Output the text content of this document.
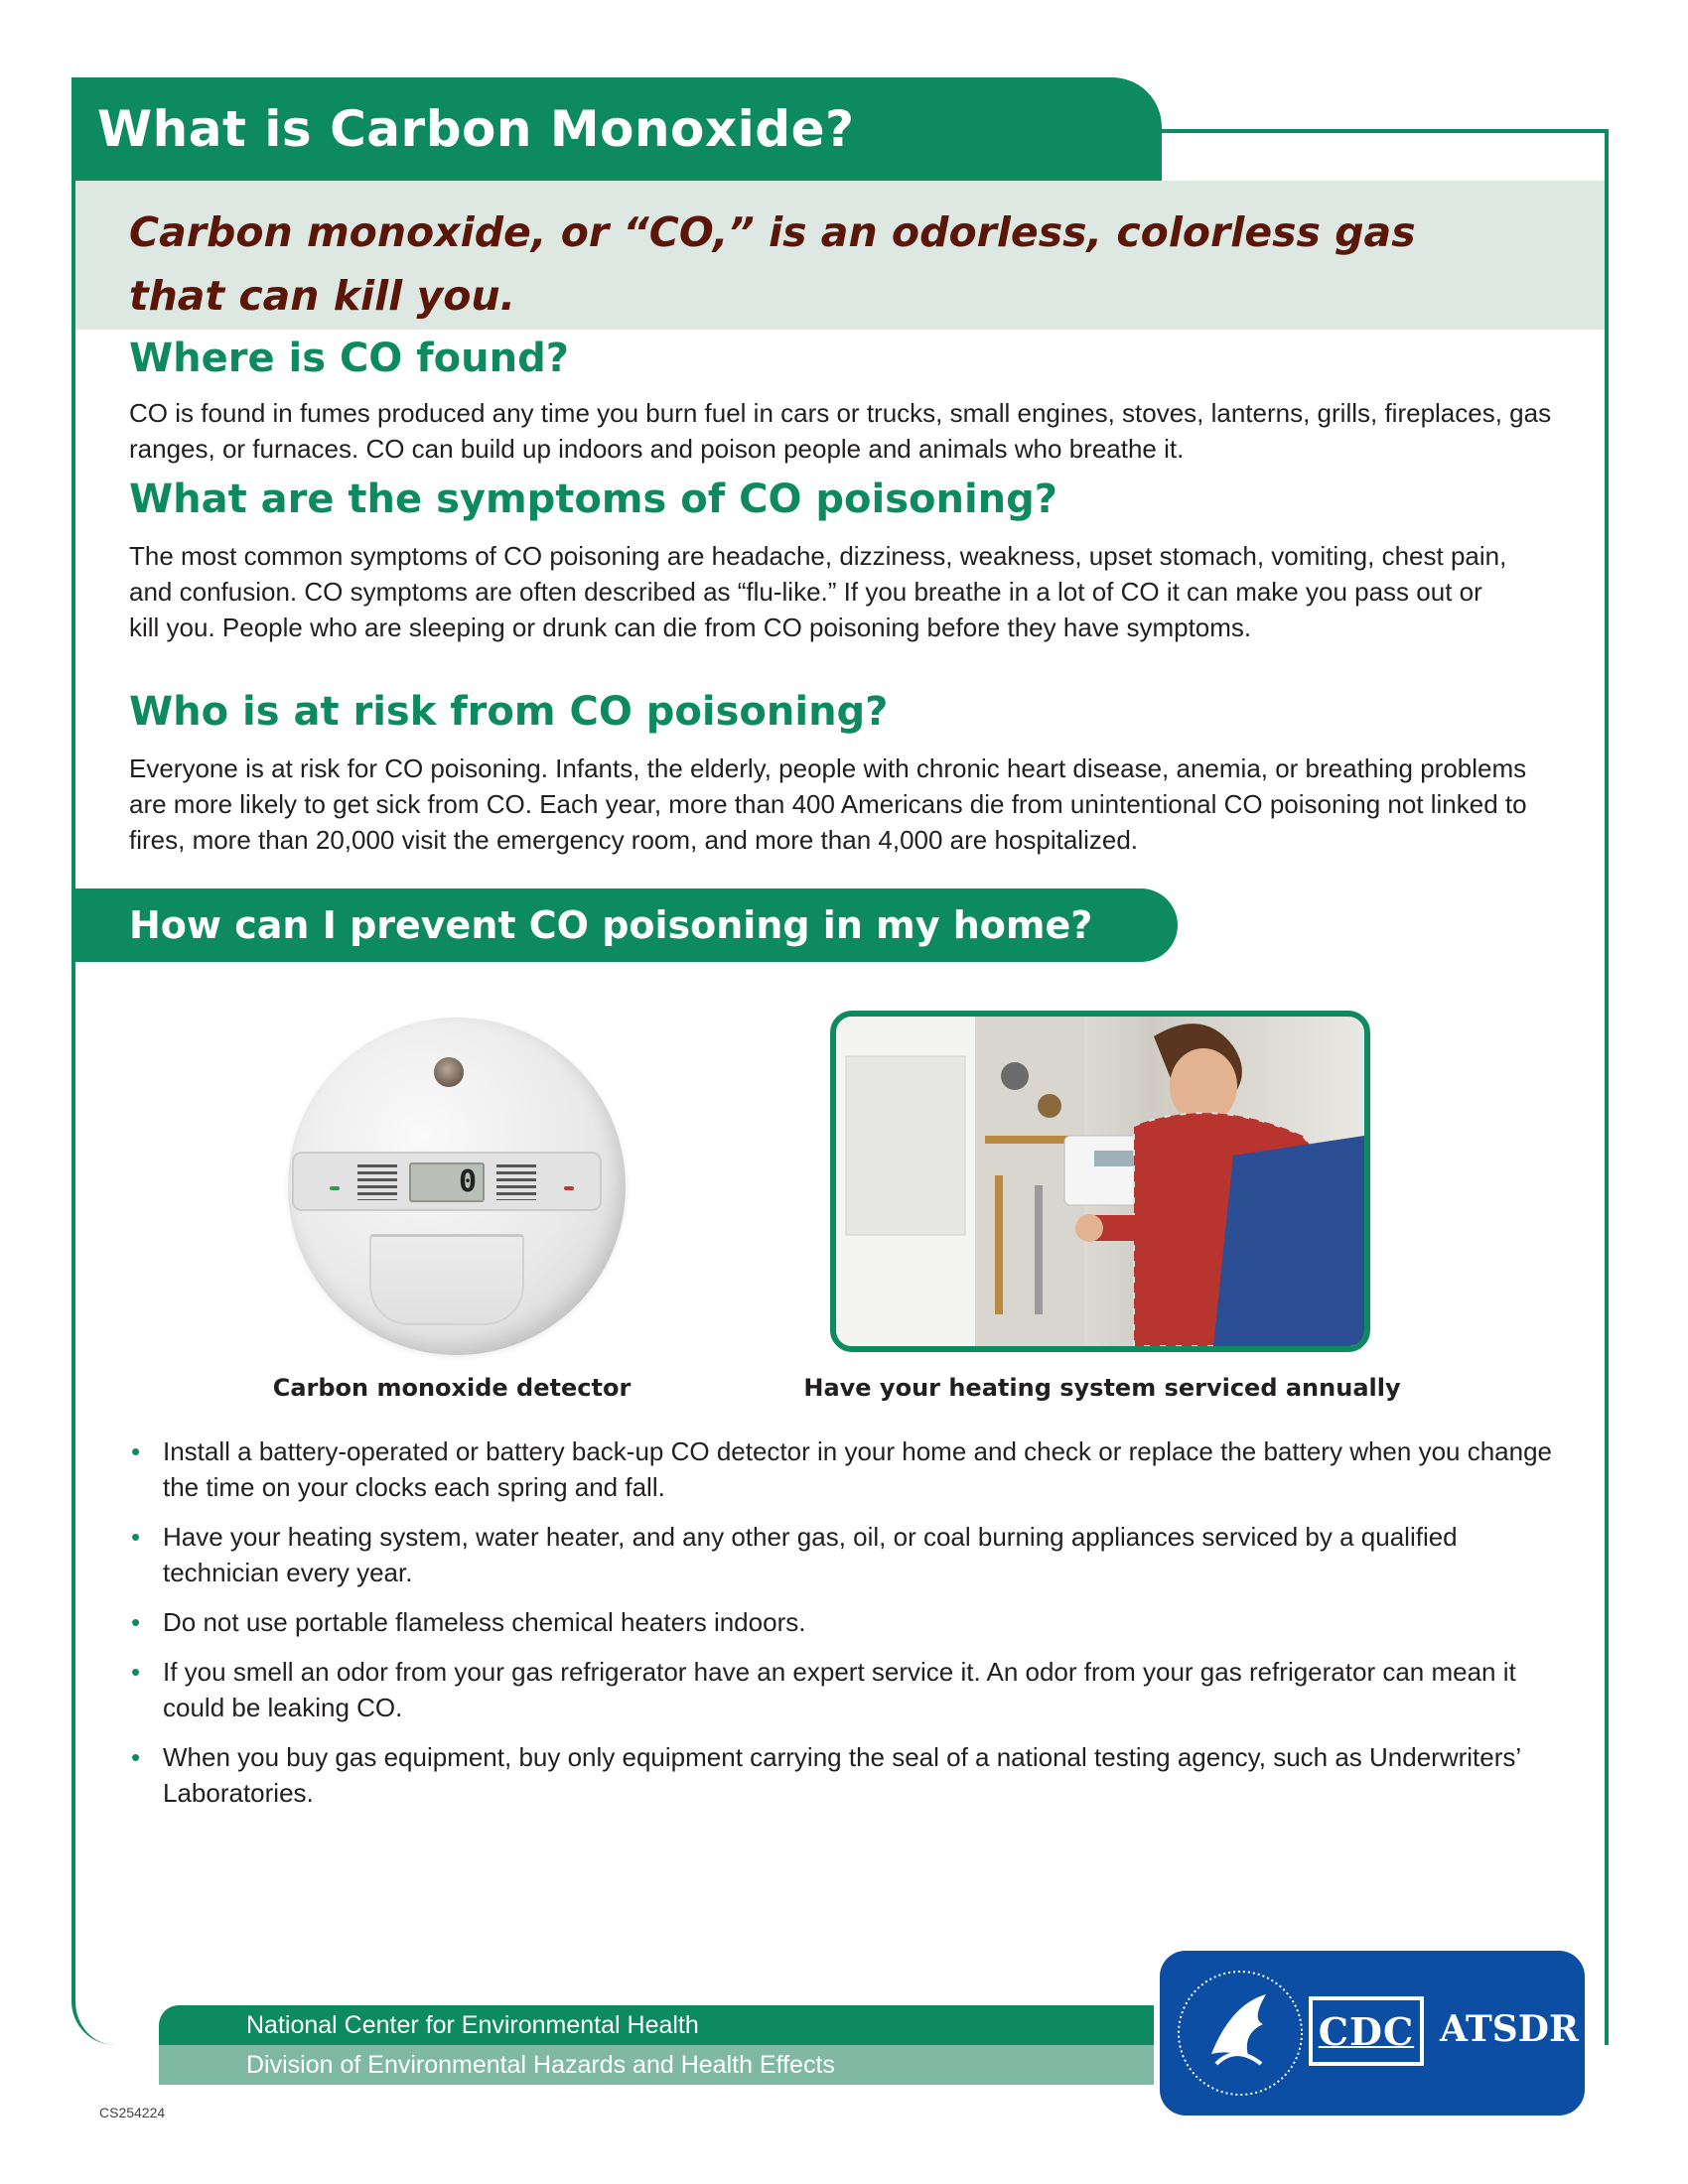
What is Carbon Monoxide?

Carbon monoxide, or “CO,” is an odorless, colorless gas that can kill you.

Where is CO found?
CO is found in fumes produced any time you burn fuel in cars or trucks, small engines, stoves, lanterns, grills, fireplaces, gas ranges, or furnaces. CO can build up indoors and poison people and animals who breathe it.
What are the symptoms of CO poisoning?
The most common symptoms of CO poisoning are headache, dizziness, weakness, upset stomach, vomiting, chest pain, and confusion. CO symptoms are often described as “flu-like.” If you breathe in a lot of CO it can make you pass out or kill you. People who are sleeping or drunk can die from CO poisoning before they have symptoms.
Who is at risk from CO poisoning?
Everyone is at risk for CO poisoning. Infants, the elderly, people with chronic heart disease, anemia, or breathing problems are more likely to get sick from CO. Each year, more than 400 Americans die from unintentional CO poisoning not linked to fires, more than 20,000 visit the emergency room, and more than 4,000 are hospitalized.
How can I prevent CO poisoning in my home?
0
Carbon monoxide detector	Have your heating system serviced annually
• Install a battery-operated or battery back-up CO detector in your home and check or replace the battery when you change the time on your clocks each spring and fall.
• Have your heating system, water heater, and any other gas, oil, or coal burning appliances serviced by a qualified technician every year.
• Do not use portable flameless chemical heaters indoors.
• If you smell an odor from your gas refrigerator have an expert service it. An odor from your gas refrigerator can mean it could be leaking CO.
• When you buy gas equipment, buy only equipment carrying the seal of a national testing agency, such as Underwriters’ Laboratories.
National Center for Environmental Health
Division of Environmental Hazards and Health Effects
CDC ATSDR
CS254224
